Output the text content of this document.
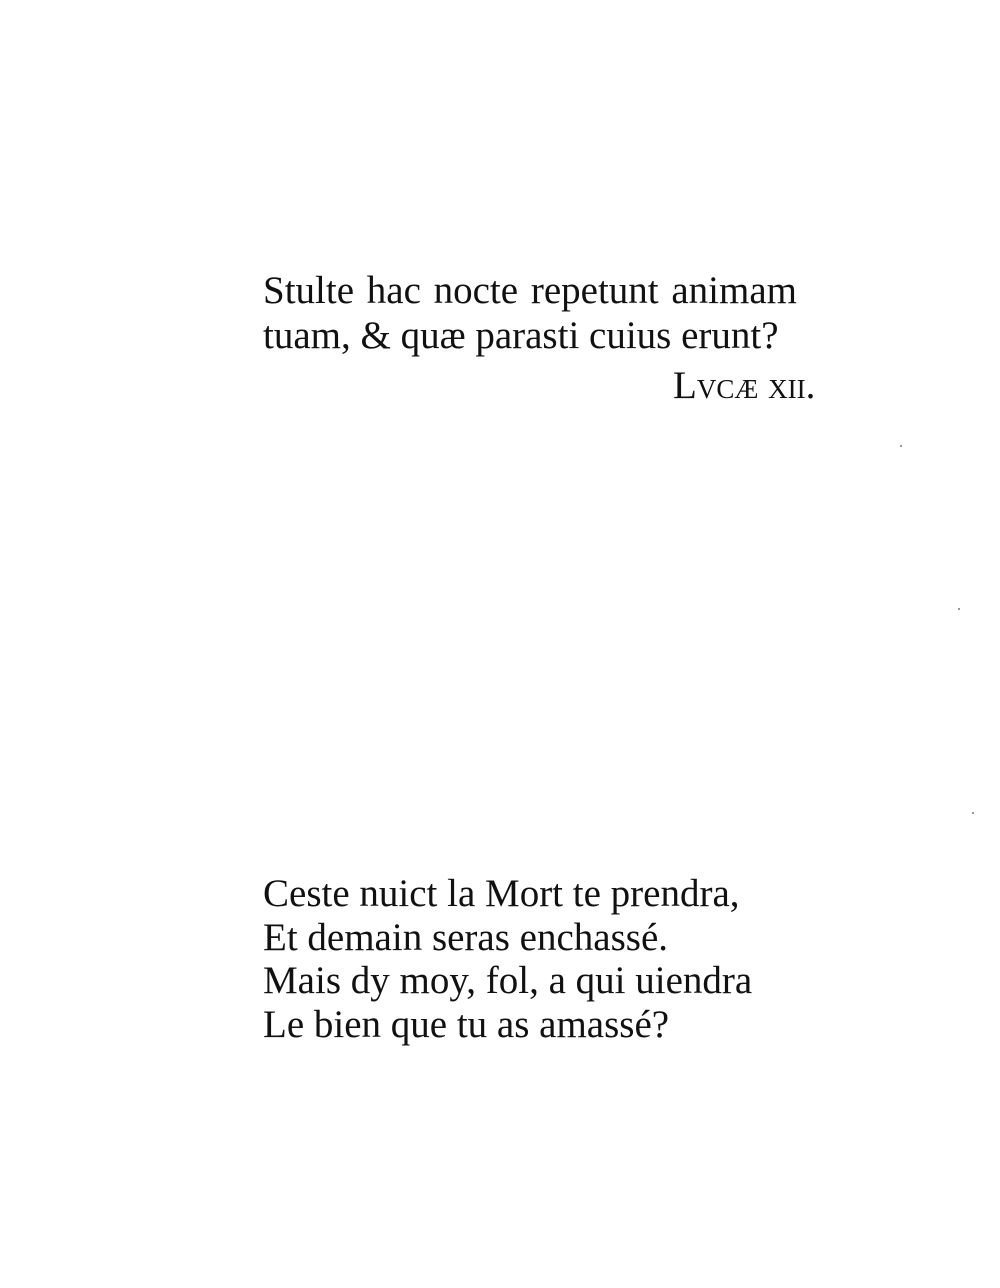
Stulte hac nocte repetunt animam
tuam, & quæ parasti cuius erunt?
Lvcæ xii.
Ceste nuict la Mort te prendra,
Et demain seras enchassé.
Mais dy moy, fol, a qui uiendra
Le bien que tu as amassé?
